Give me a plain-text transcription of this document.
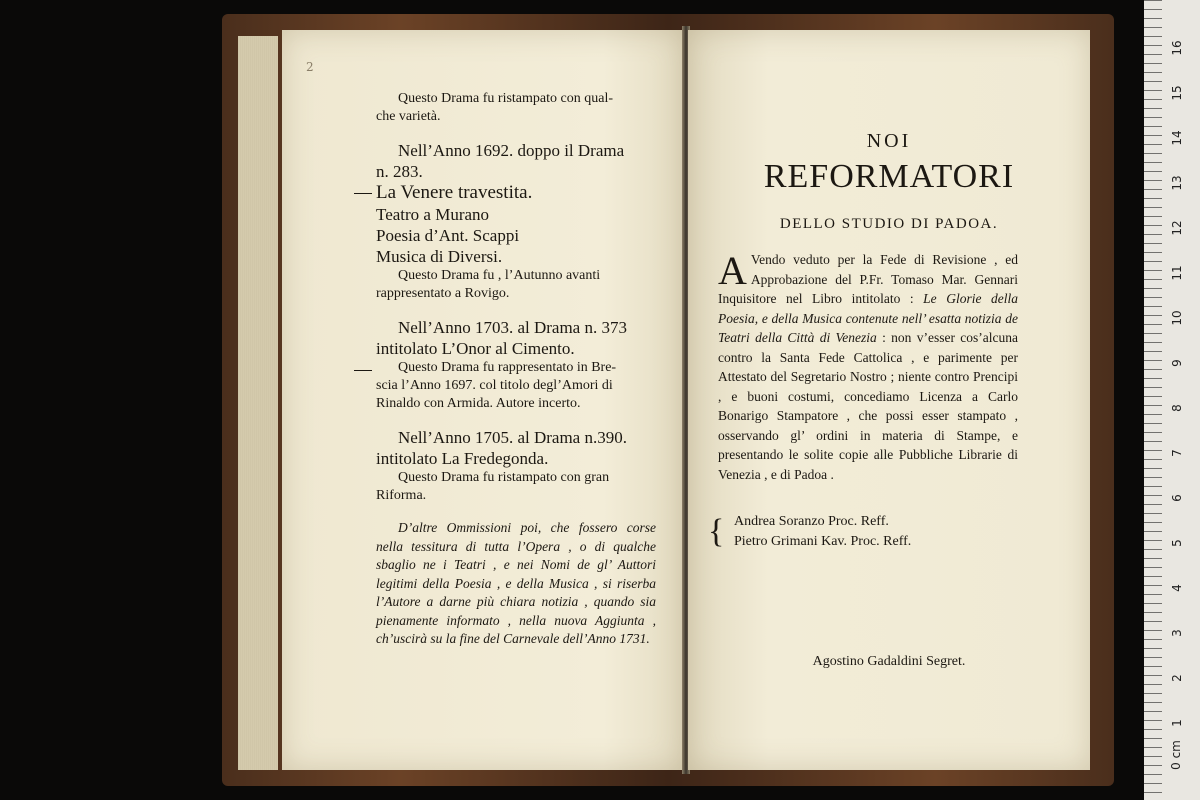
2

Questo Drama fu ristampato con qual-

che varietà.

Nell’Anno 1692. doppo il Drama

n. 283.

La Venere travestita.

Teatro a Murano

Poesia d’Ant. Scappi

Musica di Diversi.

Questo Drama fu , l’Autunno avanti

rappresentato a Rovigo.

Nell’Anno 1703. al Drama n. 373

intitolato L’Onor al Cimento.

Questo Drama fu rappresentato in Bre-

scia l’Anno 1697. col titolo degl’Amori di

Rinaldo con Armida. Autore incerto.

Nell’Anno 1705. al Drama n.390.

intitolato La Fredegonda.

Questo Drama fu ristampato con gran

Riforma.

D’altre Ommissioni poi, che fossero corse nella tessitura di tutta l’Opera , o di qualche sbaglio ne i Teatri , e nei Nomi de gl’ Auttori legitimi della Poesia , e della Musica , si riserba l’Autore a darne più chiara notizia , quando sia pienamente informato , nella nuova Aggiunta , ch’uscirà su la fine del Carnevale dell’Anno 1731.

NOI
REFORMATORI
DELLO STUDIO DI PADOA.
A Vendo veduto per la Fede di Revisione , ed Approbazione del P.Fr. Tomaso Mar. Gennari Inquisitore nel Libro intitolato : Le Glorie della Poesia, e della Musica contenute nell’ esatta notizia de Teatri della Città di Venezia : non v’esser cos’alcuna contro la Santa Fede Cattolica , e parimente per Attestato del Segretario Nostro ; niente contro Prencipi , e buoni costumi, concediamo Licenza a Carlo Bonarigo Stampatore , che possi esser stampato , osservando gl’ ordini in materia di Stampe, e presentando le solite copie alle Pubbliche Librarie di Venezia , e di Padoa .
{ Andrea Soranzo Proc. Reff.
Pietro Grimani Kav. Proc. Reff.
Agostino Gadaldini Segret.
0 cm
1
2
3
4
5
6
7
8
9
10
11
12
13
14
15
16
